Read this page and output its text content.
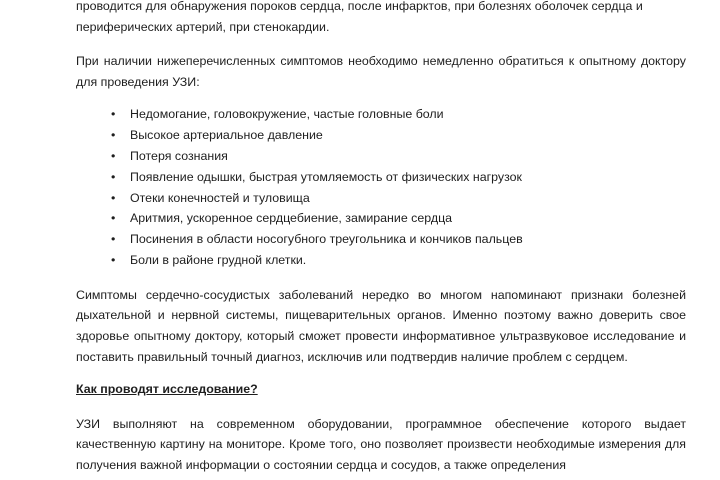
проводится для обнаружения пороков сердца, после инфарктов, при болезнях оболочек сердца и

периферических артерий, при стенокардии.

При наличии нижеперечисленных симптомов необходимо немедленно обратиться к опытному доктору для проведения УЗИ:

• Недомогание, головокружение, частые головные боли
• Высокое артериальное давление
• Потеря сознания
• Появление одышки, быстрая утомляемость от физических нагрузок
• Отеки конечностей и туловища
• Аритмия, ускоренное сердцебиение, замирание сердца
• Посинения в области носогубного треугольника и кончиков пальцев
• Боли в районе грудной клетки.

Симптомы сердечно-сосудистых заболеваний нередко во многом напоминают признаки болезней дыхательной и нервной системы, пищеварительных органов. Именно поэтому важно доверить свое здоровье опытному доктору, который сможет провести информативное ультразвуковое исследование и поставить правильный точный диагноз, исключив или подтвердив наличие проблем с сердцем.

Как проводят исследование?

УЗИ выполняют на современном оборудовании, программное обеспечение которого выдает качественную картину на мониторе. Кроме того, оно позволяет произвести необходимые измерения для получения важной информации о состоянии сердца и сосудов, а также определения
